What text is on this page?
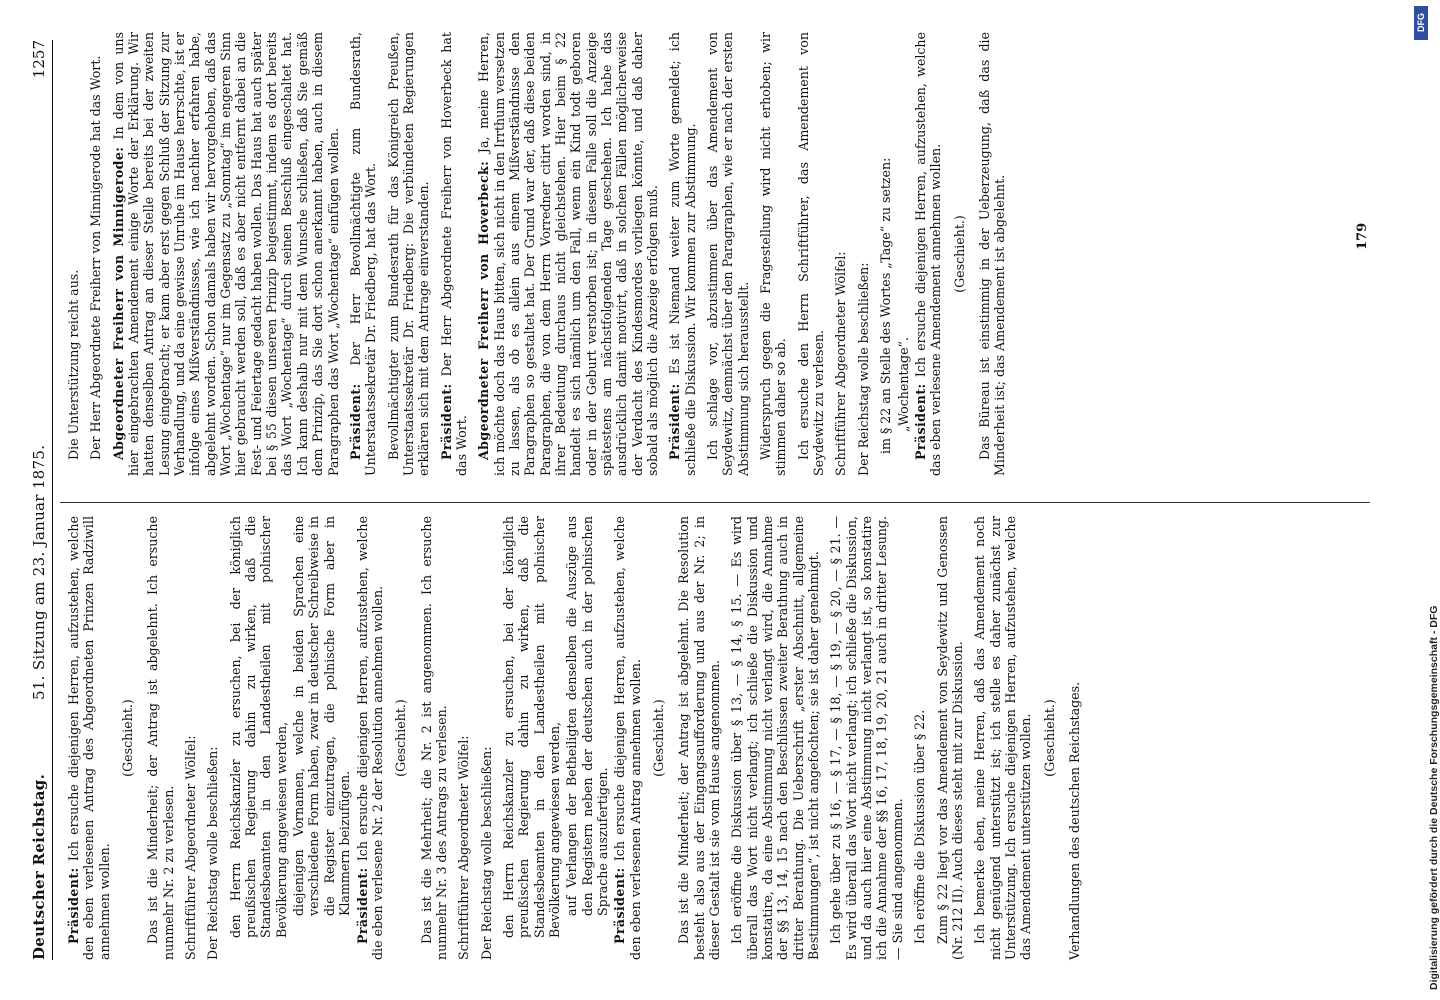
Deutscher Reichstag.
51. Sitzung am 23. Januar 1875.
1257

Präsident: Ich ersuche diejenigen Herren, aufzustehen, welche den eben verlesenen Antrag des Abgeordneten Prinzen Radziwill annehmen wollen.

(Geschieht.) Das ist die Minderheit; der Antrag ist abgelehnt. Ich ersuche nunmehr Nr. 2 zu verlesen. Schriftführer Abgeordneter Wölfel: Der Reichstag wolle beschließen: den Herrn Reichskanzler zu ersuchen, bei der königlich preußischen Regierung dahin zu wirken, daß die Standesbeamten in den Landestheilen mit polnischer Bevölkerung angewiesen werden, diejenigen Vornamen, welche in beiden Sprachen eine verschiedene Form haben, zwar in deutscher Schreibweise in die Register einzutragen, die polnische Form aber in Klammern beizufügen. Präsident: Ich ersuche diejenigen Herren, aufzustehen, welche die eben verlesene Nr. 2 der Resolution annehmen wollen. (Geschieht.) Das ist die Mehrheit; die Nr. 2 ist angenommen. Ich ersuche nunmehr Nr. 3 des Antrags zu verlesen. Schriftführer Abgeordneter Wölfel: Der Reichstag wolle beschließen: den Herrn Reichskanzler zu ersuchen, bei der königlich preußischen Regierung dahin zu wirken, daß die Standesbeamten in den Landestheilen mit polnischer Bevölkerung angewiesen werden, auf Verlangen der Betheiligten denselben die Auszüge aus den Registern neben der deutschen auch in der polnischen Sprache auszufertigen. Präsident: Ich ersuche diejenigen Herren, aufzustehen, welche den eben verlesenen Antrag annehmen wollen. (Geschieht.) Das ist die Minderheit; der Antrag ist abgelehnt. Die Resolution besteht also aus der Eingangsaufforderung und aus der Nr. 2; in dieser Gestalt ist sie vom Hause angenommen. Ich eröffne die Diskussion über § 13, — § 14, § 15. — Es wird überall das Wort nicht verlangt; ich schließe die Diskussion und konstatire, da eine Abstimmung nicht verlangt wird, die Annahme der §§ 13, 14, 15 nach den Beschlüssen zweiter Berathung auch in dritter Berathung. Die Ueberschrift „erster Abschnitt, allgemeine Bestimmungen“, ist nicht angefochten; sie ist daher genehmigt. Ich gehe über zu § 16, — § 17, — § 18, — § 19, — § 20, — § 21. — Es wird überall das Wort nicht verlangt; ich schließe die Diskussion, und da auch hier eine Abstimmung nicht verlangt ist, so konstatire ich die Annahme der §§ 16, 17, 18, 19, 20, 21 auch in dritter Lesung. — Sie sind angenommen. Ich eröffne die Diskussion über § 22. Zum § 22 liegt vor das Amendement von Seydewitz und Genossen (Nr. 212 II). Auch dieses steht mit zur Diskussion. Ich bemerke eben, meine Herren, daß das Amendement noch nicht genügend unterstützt ist; ich stelle es daher zunächst zur Unterstützung. Ich ersuche diejenigen Herren, aufzustehen, welche das Amendement unterstützen wollen. (Geschieht.) Verhandlungen des deutschen Reichstages.

Die Unterstützung reicht aus. Der Herr Abgeordnete Freiherr von Minnigerode hat das Wort. Abgeordneter Freiherr von Minnigerode: In dem von uns hier eingebrachten Amendement einige Worte der Erklärung. Wir hatten denselben Antrag an dieser Stelle bereits bei der zweiten Lesung eingebracht; er kam aber erst gegen Schluß der Sitzung zur Verhandlung, und da eine gewisse Unruhe im Hause herrschte, ist er infolge eines Mißverständnisses, wie ich nachher erfahren habe, abgelehnt worden. Schon damals haben wir hervorgehoben, daß das Wort „Wochentage“ nur im Gegensatz zu „Sonntag“ im engeren Sinn hier gebraucht werden soll, daß es aber nicht entfernt dabei an die Fest- und Feiertage gedacht haben wollen. Das Haus hat auch später bei § 55 diesen unseren Prinzip beigestimmt, indem es dort bereits das Wort „Wochentage“ durch seinen Beschluß eingeschaltet hat. Ich kann deshalb nur mit dem Wunsche schließen, daß Sie gemäß dem Prinzip, das Sie dort schon anerkannt haben, auch in diesem Paragraphen das Wort „Wochentage“ einfügen wollen. Präsident: Der Herr Bevollmächtigte zum Bundesrath, Unterstaatssekretär Dr. Friedberg, hat das Wort. Bevollmächtigter zum Bundesrath für das Königreich Preußen, Unterstaatssekretär Dr. Friedberg: Die verbündeten Regierungen erklären sich mit dem Antrage einverstanden. Präsident: Der Herr Abgeordnete Freiherr von Hoverbeck hat das Wort. Abgeordneter Freiherr von Hoverbeck: Ja, meine Herren, ich möchte doch das Haus bitten, sich nicht in den Irrthum versetzen zu lassen, als ob es allein aus einem Mißverständnisse den Paragraphen so gestaltet hat. Der Grund war der, daß diese beiden Paragraphen, die von dem Herrn Vorredner citirt worden sind, in ihrer Bedeutung durchaus nicht gleichstehen. Hier beim § 22 handelt es sich nämlich um den Fall, wenn ein Kind todt geboren oder in der Geburt verstorben ist; in diesem Falle soll die Anzeige spätestens am nächstfolgenden Tage geschehen. Ich habe das ausdrücklich damit motivirt, daß in solchen Fällen möglicherweise der Verdacht des Kindesmordes vorliegen könnte, und daß daher sobald als möglich die Anzeige erfolgen muß. Präsident: Es ist Niemand weiter zum Worte gemeldet; ich schließe die Diskussion. Wir kommen zur Abstimmung. Ich schlage vor, abzustimmen über das Amendement von Seydewitz, demnächst über den Paragraphen, wie er nach der ersten Abstimmung sich herausstellt. Widerspruch gegen die Fragestellung wird nicht erhoben; wir stimmen daher so ab. Ich ersuche den Herrn Schriftführer, das Amendement von Seydewitz zu verlesen. Schriftführer Abgeordneter Wölfel: Der Reichstag wolle beschließen: im § 22 an Stelle des Wortes „Tage“ zu setzen: „Wochentage“. Präsident: Ich ersuche diejenigen Herren, aufzustehen, welche das eben verlesene Amendement annehmen wollen. (Geschieht.) Das Büreau ist einstimmig in der Ueberzeugung, daß das die Minderheit ist; das Amendement ist abgelehnt.	179
Digitalisierung gefördert durch die Deutsche Forschungsgemeinschaft - DFG
DFG
